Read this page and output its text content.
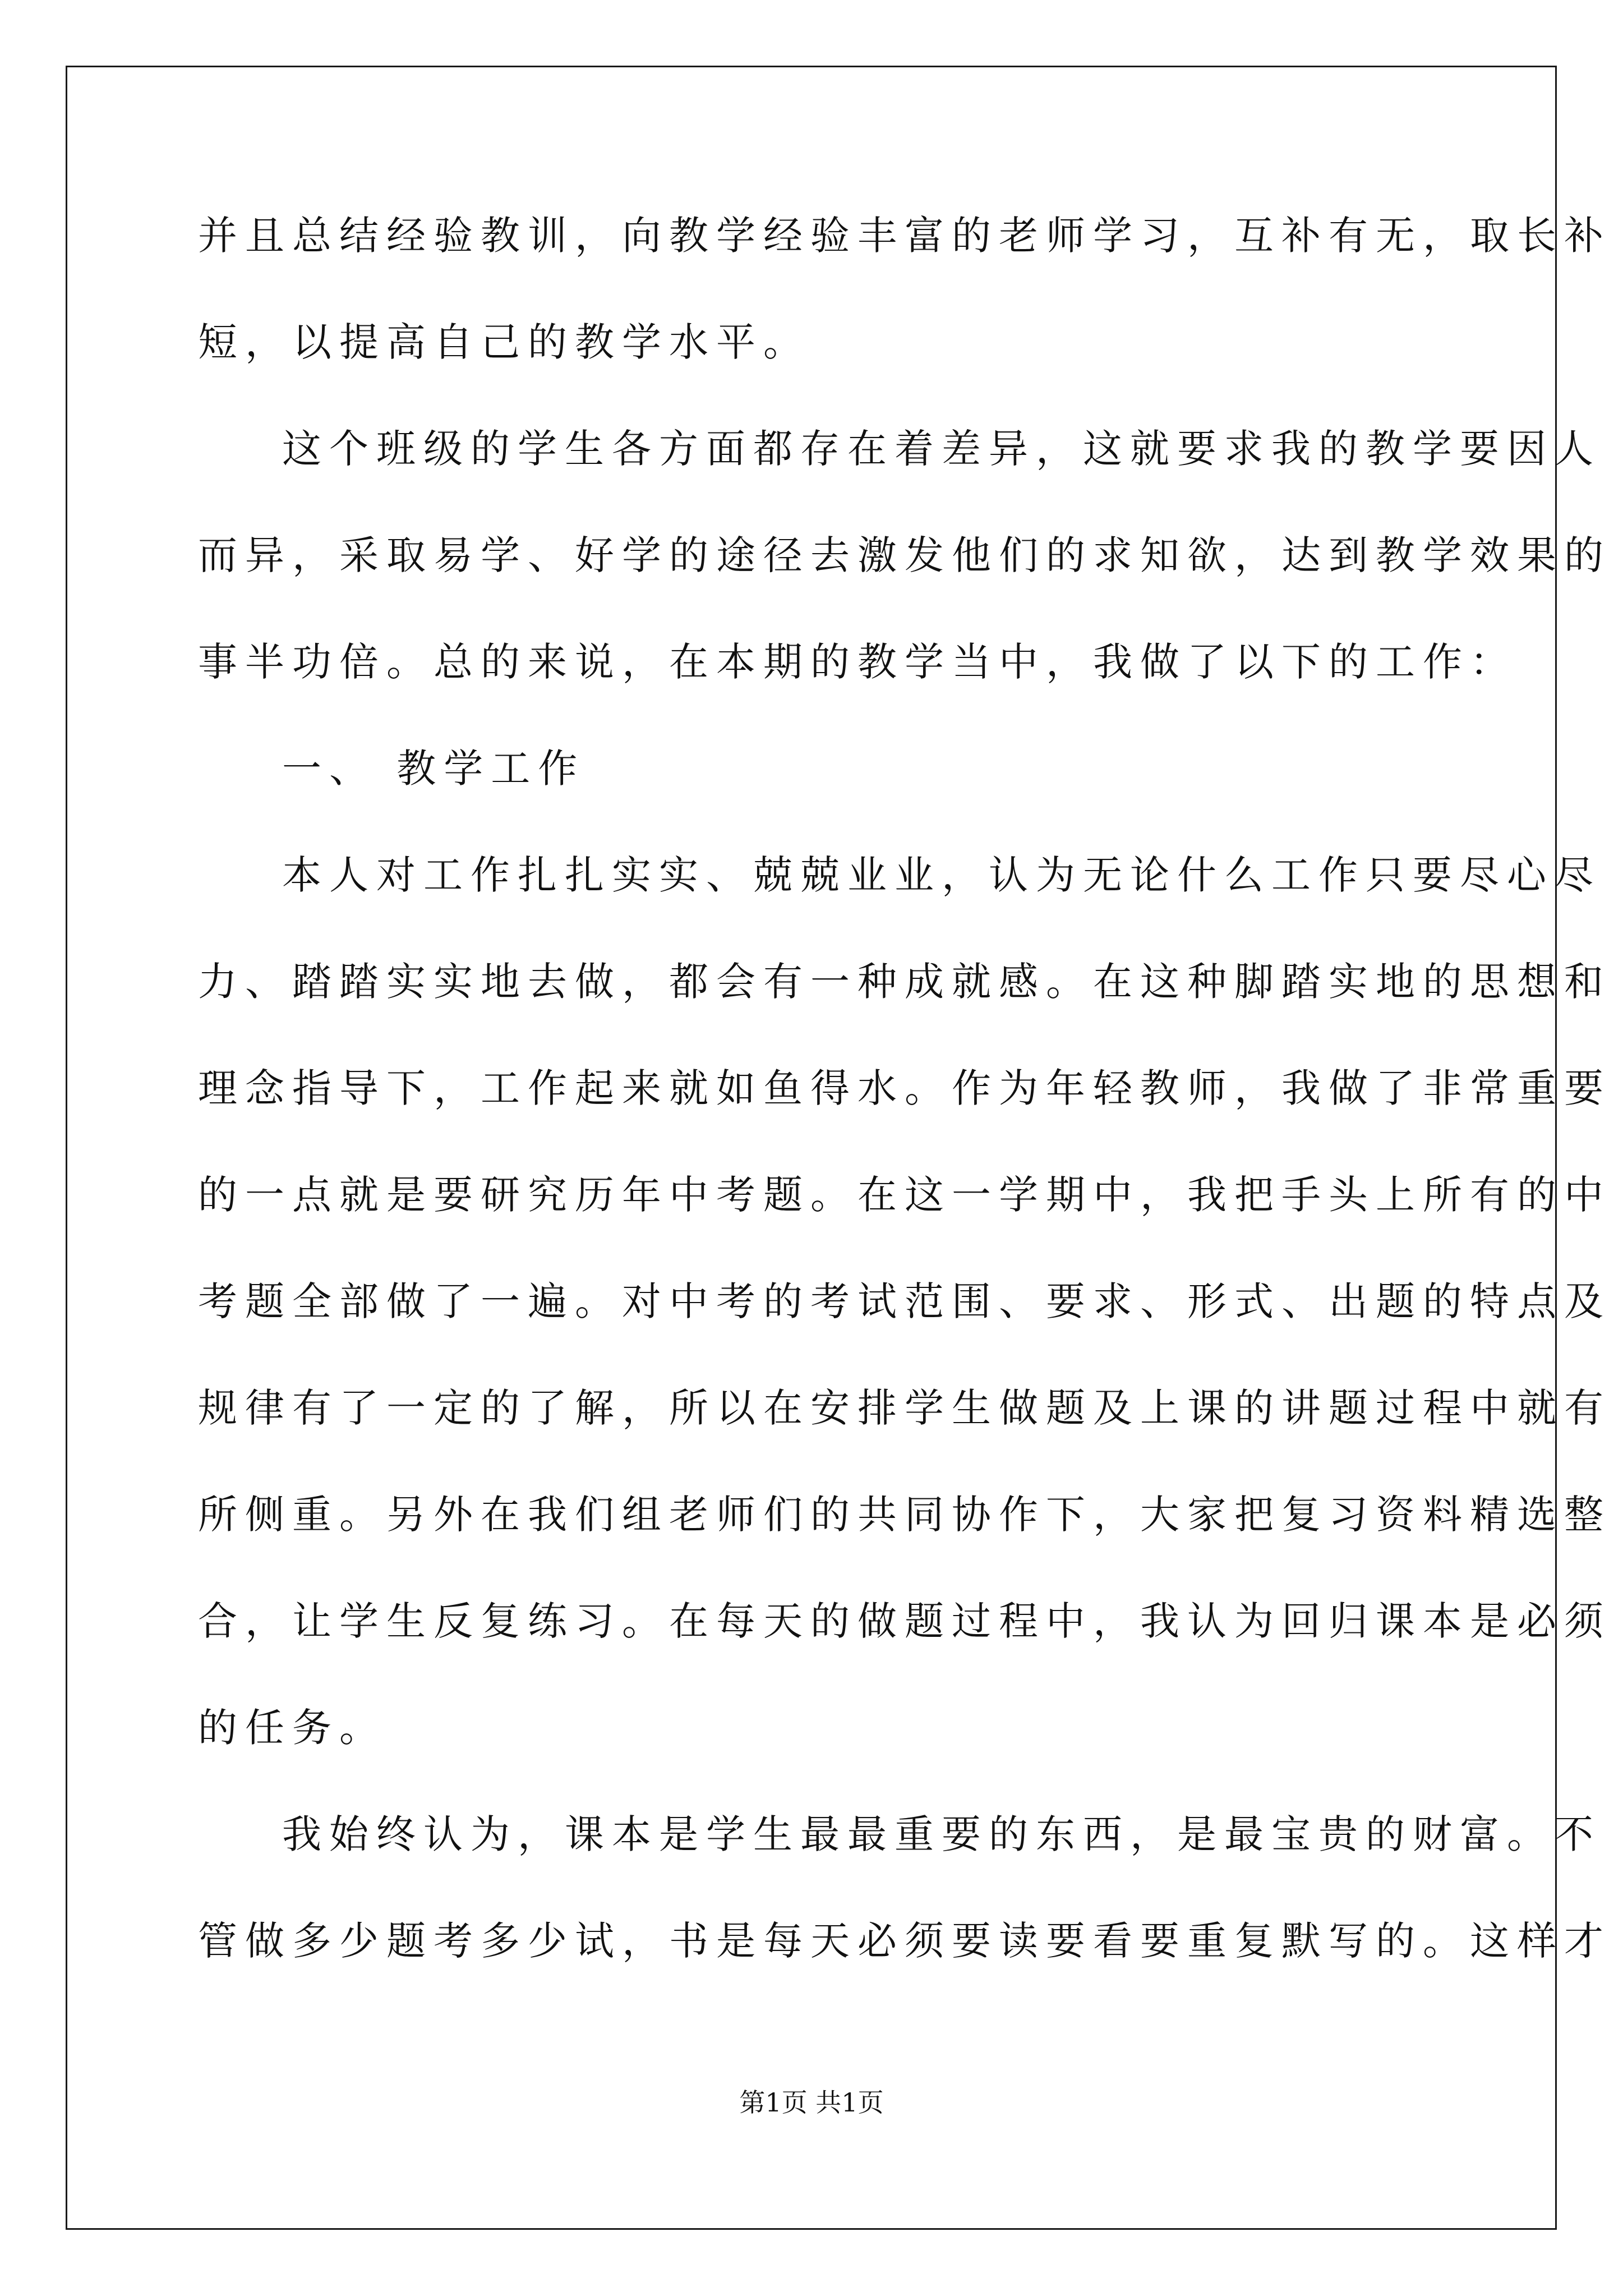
并且总结经验教训，向教学经验丰富的老师学习，互补有无，取长补
短，以提高自己的教学水平。
这个班级的学生各方面都存在着差异，这就要求我的教学要因人
而异，采取易学、好学的途径去激发他们的求知欲，达到教学效果的
事半功倍。总的来说，在本期的教学当中，我做了以下的工作：
一、 教学工作
本人对工作扎扎实实、兢兢业业，认为无论什么工作只要尽心尽
力、踏踏实实地去做，都会有一种成就感。在这种脚踏实地的思想和
理念指导下，工作起来就如鱼得水。作为年轻教师，我做了非常重要
的一点就是要研究历年中考题。在这一学期中，我把手头上所有的中
考题全部做了一遍。对中考的考试范围、要求、形式、出题的特点及
规律有了一定的了解，所以在安排学生做题及上课的讲题过程中就有
所侧重。另外在我们组老师们的共同协作下，大家把复习资料精选整
合，让学生反复练习。在每天的做题过程中，我认为回归课本是必须
的任务。
我始终认为，课本是学生最最重要的东西，是最宝贵的财富。不
管做多少题考多少试，书是每天必须要读要看要重复默写的。这样才
第1页 共1页
